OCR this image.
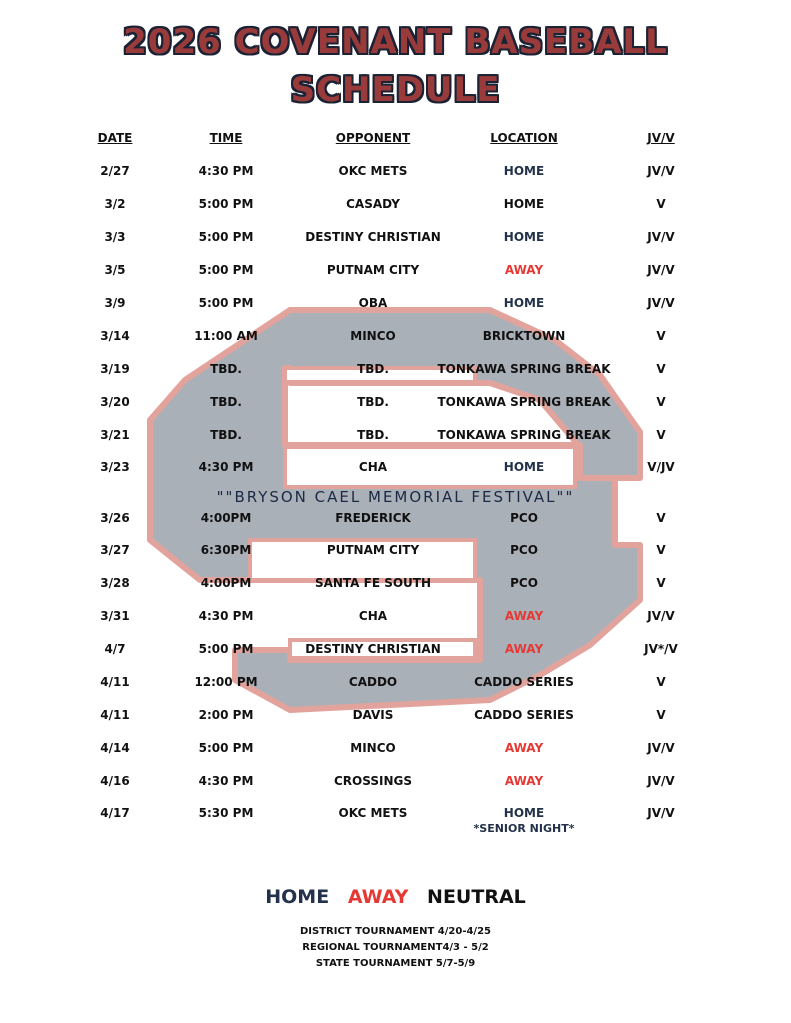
2026 COVENANT BASEBALL
SCHEDULE
DATE	TIME	OPPONENT	LOCATION	JV/V
2/27	4:30 PM	OKC METS	HOME	JV/V
3/2	5:00 PM	CASADY	HOME	V
3/3	5:00 PM	DESTINY CHRISTIAN	HOME	JV/V
3/5	5:00 PM	PUTNAM CITY	AWAY	JV/V
3/9	5:00 PM	OBA	HOME	JV/V
3/14	11:00 AM	MINCO	BRICKTOWN	V
3/19	TBD.	TBD.	TONKAWA SPRING BREAK	V
3/20	TBD.	TBD.	TONKAWA SPRING BREAK	V
3/21	TBD.	TBD.	TONKAWA SPRING BREAK	V
3/23	4:30 PM	CHA	HOME	V/JV
""BRYSON CAEL MEMORIAL FESTIVAL""
3/26	4:00PM	FREDERICK	PCO	V
3/27	6:30PM	PUTNAM CITY	PCO	V
3/28	4:00PM	SANTA FE SOUTH	PCO	V
3/31	4:30 PM	CHA	AWAY	JV/V
4/7	5:00 PM	DESTINY CHRISTIAN	AWAY	JV*/V
4/11	12:00 PM	CADDO	CADDO SERIES	V
4/11	2:00 PM	DAVIS	CADDO SERIES	V
4/14	5:00 PM	MINCO	AWAY	JV/V
4/16	4:30 PM	CROSSINGS	AWAY	JV/V
4/17	5:30 PM	OKC METS	HOME	JV/V
*SENIOR NIGHT*
HOME AWAY NEUTRAL
DISTRICT TOURNAMENT 4/20-4/25
REGIONAL TOURNAMENT4/3 - 5/2
STATE TOURNAMENT 5/7-5/9
